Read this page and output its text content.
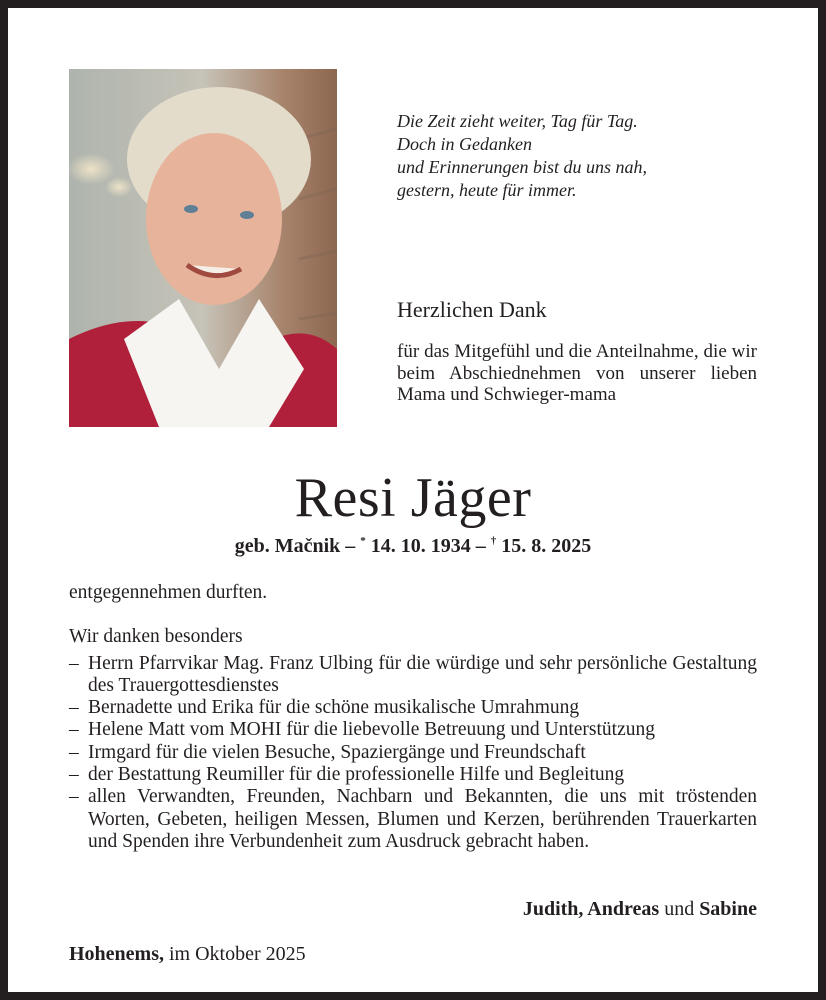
Die Zeit zieht weiter, Tag für Tag.
Doch in Gedanken
und Erinnerungen bist du uns nah,
gestern, heute für immer.
Herzlichen Dank
für das Mitgefühl und die Anteilnahme, die wir beim Abschiednehmen von unserer lieben Mama und Schwieger-mama
Resi Jäger
geb. Mačnik – * 14. 10. 1934 – † 15. 8. 2025

entgegennehmen durften.

Wir danken besonders

– Herrn Pfarrvikar Mag. Franz Ulbing für die würdige und sehr persönliche Gestaltung des Trauergottesdienstes
– Bernadette und Erika für die schöne musikalische Umrahmung
– Helene Matt vom MOHI für die liebevolle Betreuung und Unterstützung
– Irmgard für die vielen Besuche, Spaziergänge und Freundschaft
– der Bestattung Reumiller für die professionelle Hilfe und Begleitung
– allen Verwandten, Freunden, Nachbarn und Bekannten, die uns mit tröstenden Worten, Gebeten, heiligen Messen, Blumen und Kerzen, berührenden Trauerkarten und Spenden ihre Verbundenheit zum Ausdruck gebracht haben.
Judith, Andreas und Sabine
Hohenems, im Oktober 2025
